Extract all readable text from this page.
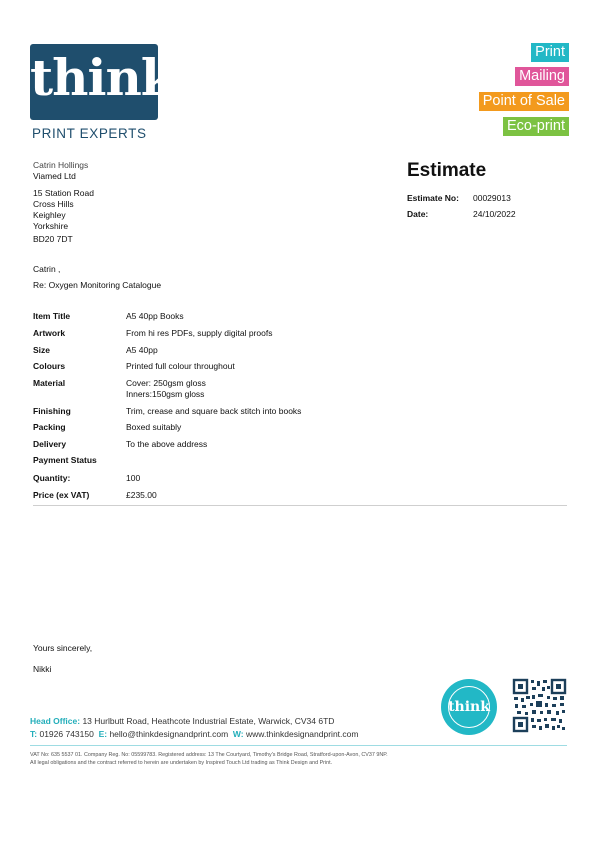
think
PRINT EXPERTS
Print
Mailing
Point of Sale
Eco-print
Catrin Hollings
Viamed Ltd
15 Station Road
Cross Hills
Keighley
Yorkshire
BD20 7DT
Estimate
Estimate No: 00029013
Date:	24/10/2022
Catrin ,
Re: Oxygen Monitoring Catalogue
Item Title	A5 40pp Books
Artwork	From hi res PDFs, supply digital proofs
Size	A5 40pp
Colours	Printed full colour throughout
Material	Cover: 250gsm gloss
Inners:150gsm gloss
Finishing	Trim, crease and square back stitch into books
Packing	Boxed suitably
Delivery	To the above address
Payment Status
Quantity:	100
Price (ex VAT)	£235.00
Yours sincerely,
Nikki
think
Head Office: 13 Hurlbutt Road, Heathcote Industrial Estate, Warwick, CV34 6TD
T: 01926 743150 E: hello@thinkdesignandprint.com W: www.thinkdesignandprint.com
VAT No: 635 5537 01. Company Reg. No: 05599783. Registered address: 13 The Courtyard, Timothy's Bridge Road, Stratford-upon-Avon, CV37 9NP.
All legal obligations and the contract referred to herein are undertaken by Inspired Touch Ltd trading as Think Design and Print.
